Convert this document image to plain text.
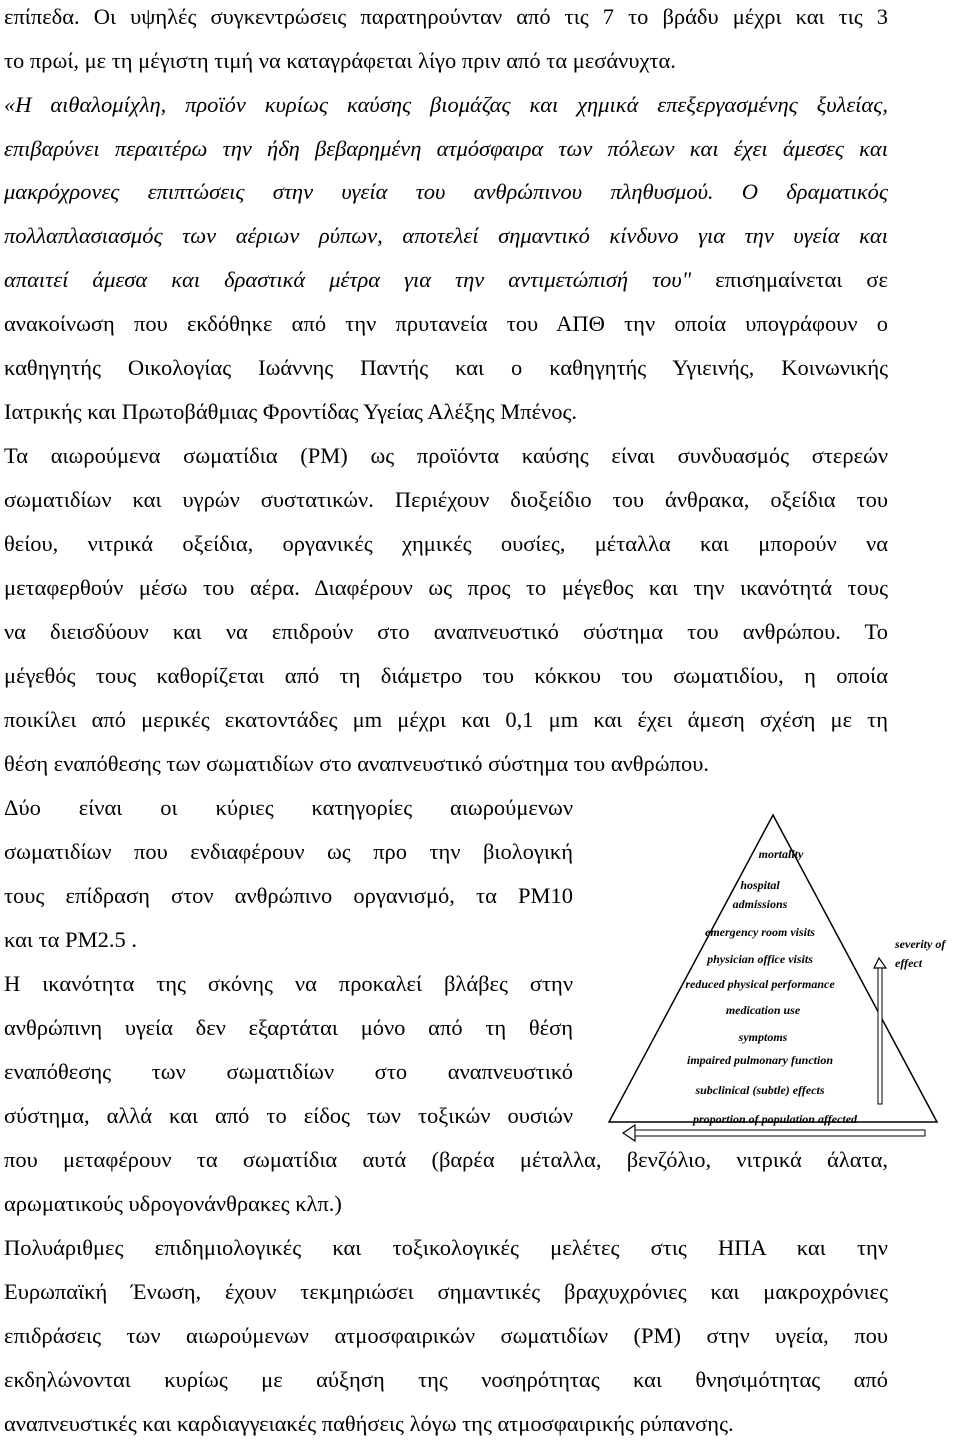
επίπεδα. Οι υψηλές συγκεντρώσεις παρατηρούνταν από τις 7 το βράδυ μέχρι και τις 3
το πρωί, με τη μέγιστη τιμή να καταγράφεται λίγο πριν από τα μεσάνυχτα.
«Η αιθαλομίχλη, προϊόν κυρίως καύσης βιομάζας και χημικά επεξεργασμένης ξυλείας,
επιβαρύνει περαιτέρω την ήδη βεβαρημένη ατμόσφαιρα των πόλεων και έχει άμεσες και
μακρόχρονες επιπτώσεις στην υγεία του ανθρώπινου πληθυσμού. Ο δραματικός
πολλαπλασιασμός των αέριων ρύπων, αποτελεί σημαντικό κίνδυνο για την υγεία και
απαιτεί άμεσα και δραστικά μέτρα για την αντιμετώπισή του" επισημαίνεται σε
ανακοίνωση που εκδόθηκε από την πρυτανεία του ΑΠΘ την οποία υπογράφουν ο
καθηγητής Οικολογίας Ιωάννης Παντής και ο καθηγητής Υγιεινής, Κοινωνικής
Ιατρικής και Πρωτοβάθμιας Φροντίδας Υγείας Αλέξης Μπένος.
Τα αιωρούμενα σωματίδια (PM) ως προϊόντα καύσης είναι συνδυασμός στερεών
σωματιδίων και υγρών συστατικών. Περιέχουν διοξείδιο του άνθρακα, οξείδια του
θείου, νιτρικά οξείδια, οργανικές χημικές ουσίες, μέταλλα και μπορούν να
μεταφερθούν μέσω του αέρα. Διαφέρουν ως προς το μέγεθος και την ικανότητά τους
να διεισδύουν και να επιδρούν στο αναπνευστικό σύστημα του ανθρώπου. Το
μέγεθός τους καθορίζεται από τη διάμετρο του κόκκου του σωματιδίου, η οποία
ποικίλει από μερικές εκατοντάδες μm μέχρι και 0,1 μm και έχει άμεση σχέση με τη
θέση εναπόθεσης των σωματιδίων στο αναπνευστικό σύστημα του ανθρώπου.
Δύο είναι οι κύριες κατηγορίες αιωρούμενων
σωματιδίων που ενδιαφέρουν ως προ την βιολογική
τους επίδραση στον ανθρώπινο οργανισμό, τα PM10
και τα PM2.5 .
Η ικανότητα της σκόνης να προκαλεί βλάβες στην
ανθρώπινη υγεία δεν εξαρτάται μόνο από τη θέση
εναπόθεσης των σωματιδίων στο αναπνευστικό
σύστημα, αλλά και από το είδος των τοξικών ουσιών
που μεταφέρουν τα σωματίδια αυτά (βαρέα μέταλλα, βενζόλιο, νιτρικά άλατα,
αρωματικούς υδρογονάνθρακες κλπ.)
Πολυάριθμες επιδημιολογικές και τοξικολογικές μελέτες στις ΗΠΑ και την
Ευρωπαϊκή Ένωση, έχουν τεκμηριώσει σημαντικές βραχυχρόνιες και μακροχρόνιες
επιδράσεις των αιωρούμενων ατμοσφαιρικών σωματιδίων (PM) στην υγεία, που
εκδηλώνονται κυρίως με αύξηση της νοσηρότητας και θνησιμότητας από
αναπνευστικές και καρδιαγγειακές παθήσεις λόγω της ατμοσφαιρικής ρύπανσης.
mortality
hospital
admissions
emergency room visits
physician office visits
reduced physical performance
medication use
symptoms
impaired pulmonary function
subclinical (subtle) effects
severity of
effect
proportion of population affected
